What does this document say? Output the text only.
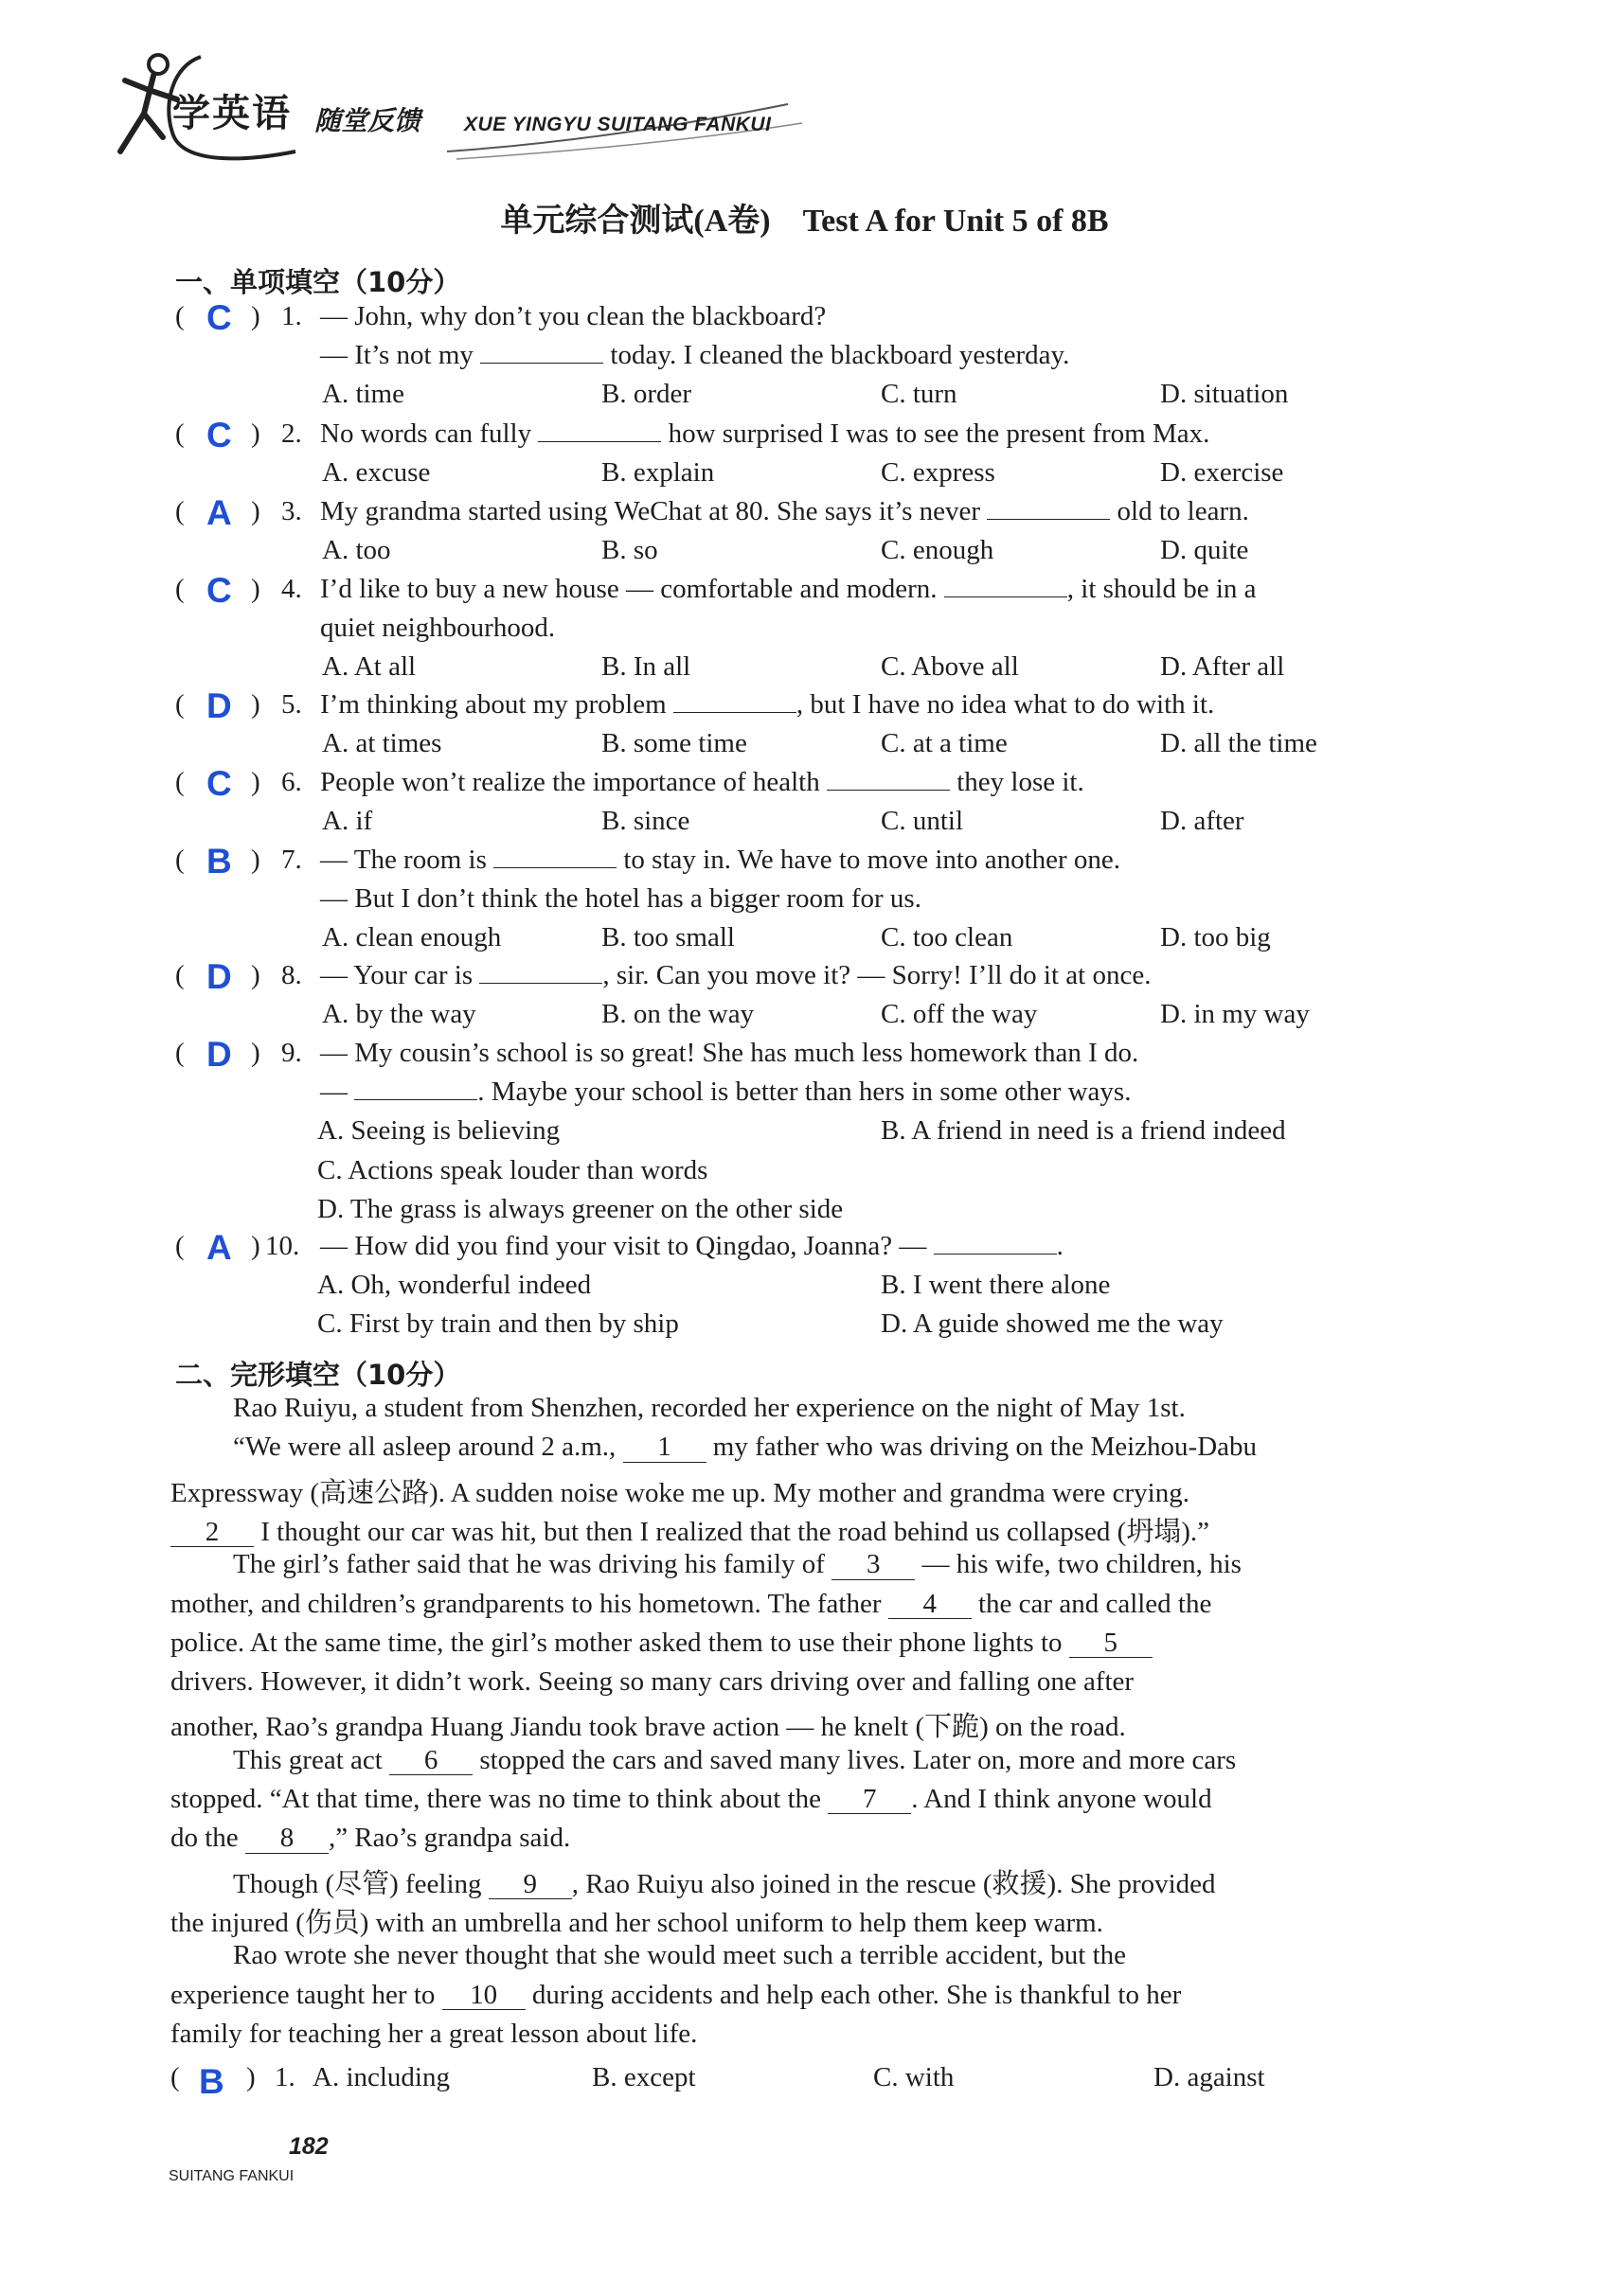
学英语 随堂反馈 XUE YINGYU SUITANG FANKUI
单元综合测试(A卷)　Test A for Unit 5 of 8B
一、单项填空（10分）
( )
C 1. — John, why don’t you clean the blackboard?
— It’s not my	today. I cleaned the blackboard yesterday.
A. time	B. order	C. turn	D. situation
( )
C 2. No words can fully	how surprised I was to see the present from Max.
A. excuse	B. explain	C. express	D. exercise
( )
A 3. My grandma started using WeChat at 80. She says it’s never	old to learn.
A. too	B. so	C. enough	D. quite
( )
C 4. I’d like to buy a new house — comfortable and modern.	, it should be in a
quiet neighbourhood.
A. At all	B. In all	C. Above all	D. After all
( )
D 5. I’m thinking about my problem	, but I have no idea what to do with it.
A. at times	B. some time	C. at a time	D. all the time
( )
C 6. People won’t realize the importance of health	they lose it.
A. if	B. since	C. until	D. after
( )
B 7. — The room is	to stay in. We have to move into another one.
— But I don’t think the hotel has a bigger room for us.
A. clean enough	B. too small	C. too clean	D. too big
( )
D 8. — Your car is	, sir. Can you move it? — Sorry! I’ll do it at once.
A. by the way	B. on the way	C. off the way	D. in my way
( )
D 9. — My cousin’s school is so great! She has much less homework than I do.
—	. Maybe your school is better than hers in some other ways.
A. Seeing is believing	B. A friend in need is a friend indeed
C. Actions speak louder than words
D. The grass is always greener on the other side
( )
A 10. — How did you find your visit to Qingdao, Joanna? —	.
A. Oh, wonderful indeed	B. I went there alone
C. First by train and then by ship	D. A guide showed me the way
二、完形填空（10分）
Rao Ruiyu, a student from Shenzhen, recorded her experience on the night of May 1st.
“We were all asleep around 2 a.m., 1 my father who was driving on the Meizhou-Dabu
Expressway (高速公路). A sudden noise woke me up. My mother and grandma were crying.
2 I thought our car was hit, but then I realized that the road behind us collapsed (坍塌).”
The girl’s father said that he was driving his family of 3 — his wife, two children, his
mother, and children’s grandparents to his hometown. The father 4 the car and called the
police. At the same time, the girl’s mother asked them to use their phone lights to 5
drivers. However, it didn’t work. Seeing so many cars driving over and falling one after
another, Rao’s grandpa Huang Jiandu took brave action — he knelt (下跪) on the road.
This great act 6 stopped the cars and saved many lives. Later on, more and more cars
stopped. “At that time, there was no time to think about the 7 . And I think anyone would
do the 8 ,” Rao’s grandpa said.
Though (尽管) feeling 9 , Rao Ruiyu also joined in the rescue (救援). She provided
the injured (伤员) with an umbrella and her school uniform to help them keep warm.
Rao wrote she never thought that she would meet such a terrible accident, but the
experience taught her to 10 during accidents and help each other. She is thankful to her
family for teaching her a great lesson about life.
( )
B 1. A. including	B. except	C. with	D. against
182
SUITANG FANKUI
